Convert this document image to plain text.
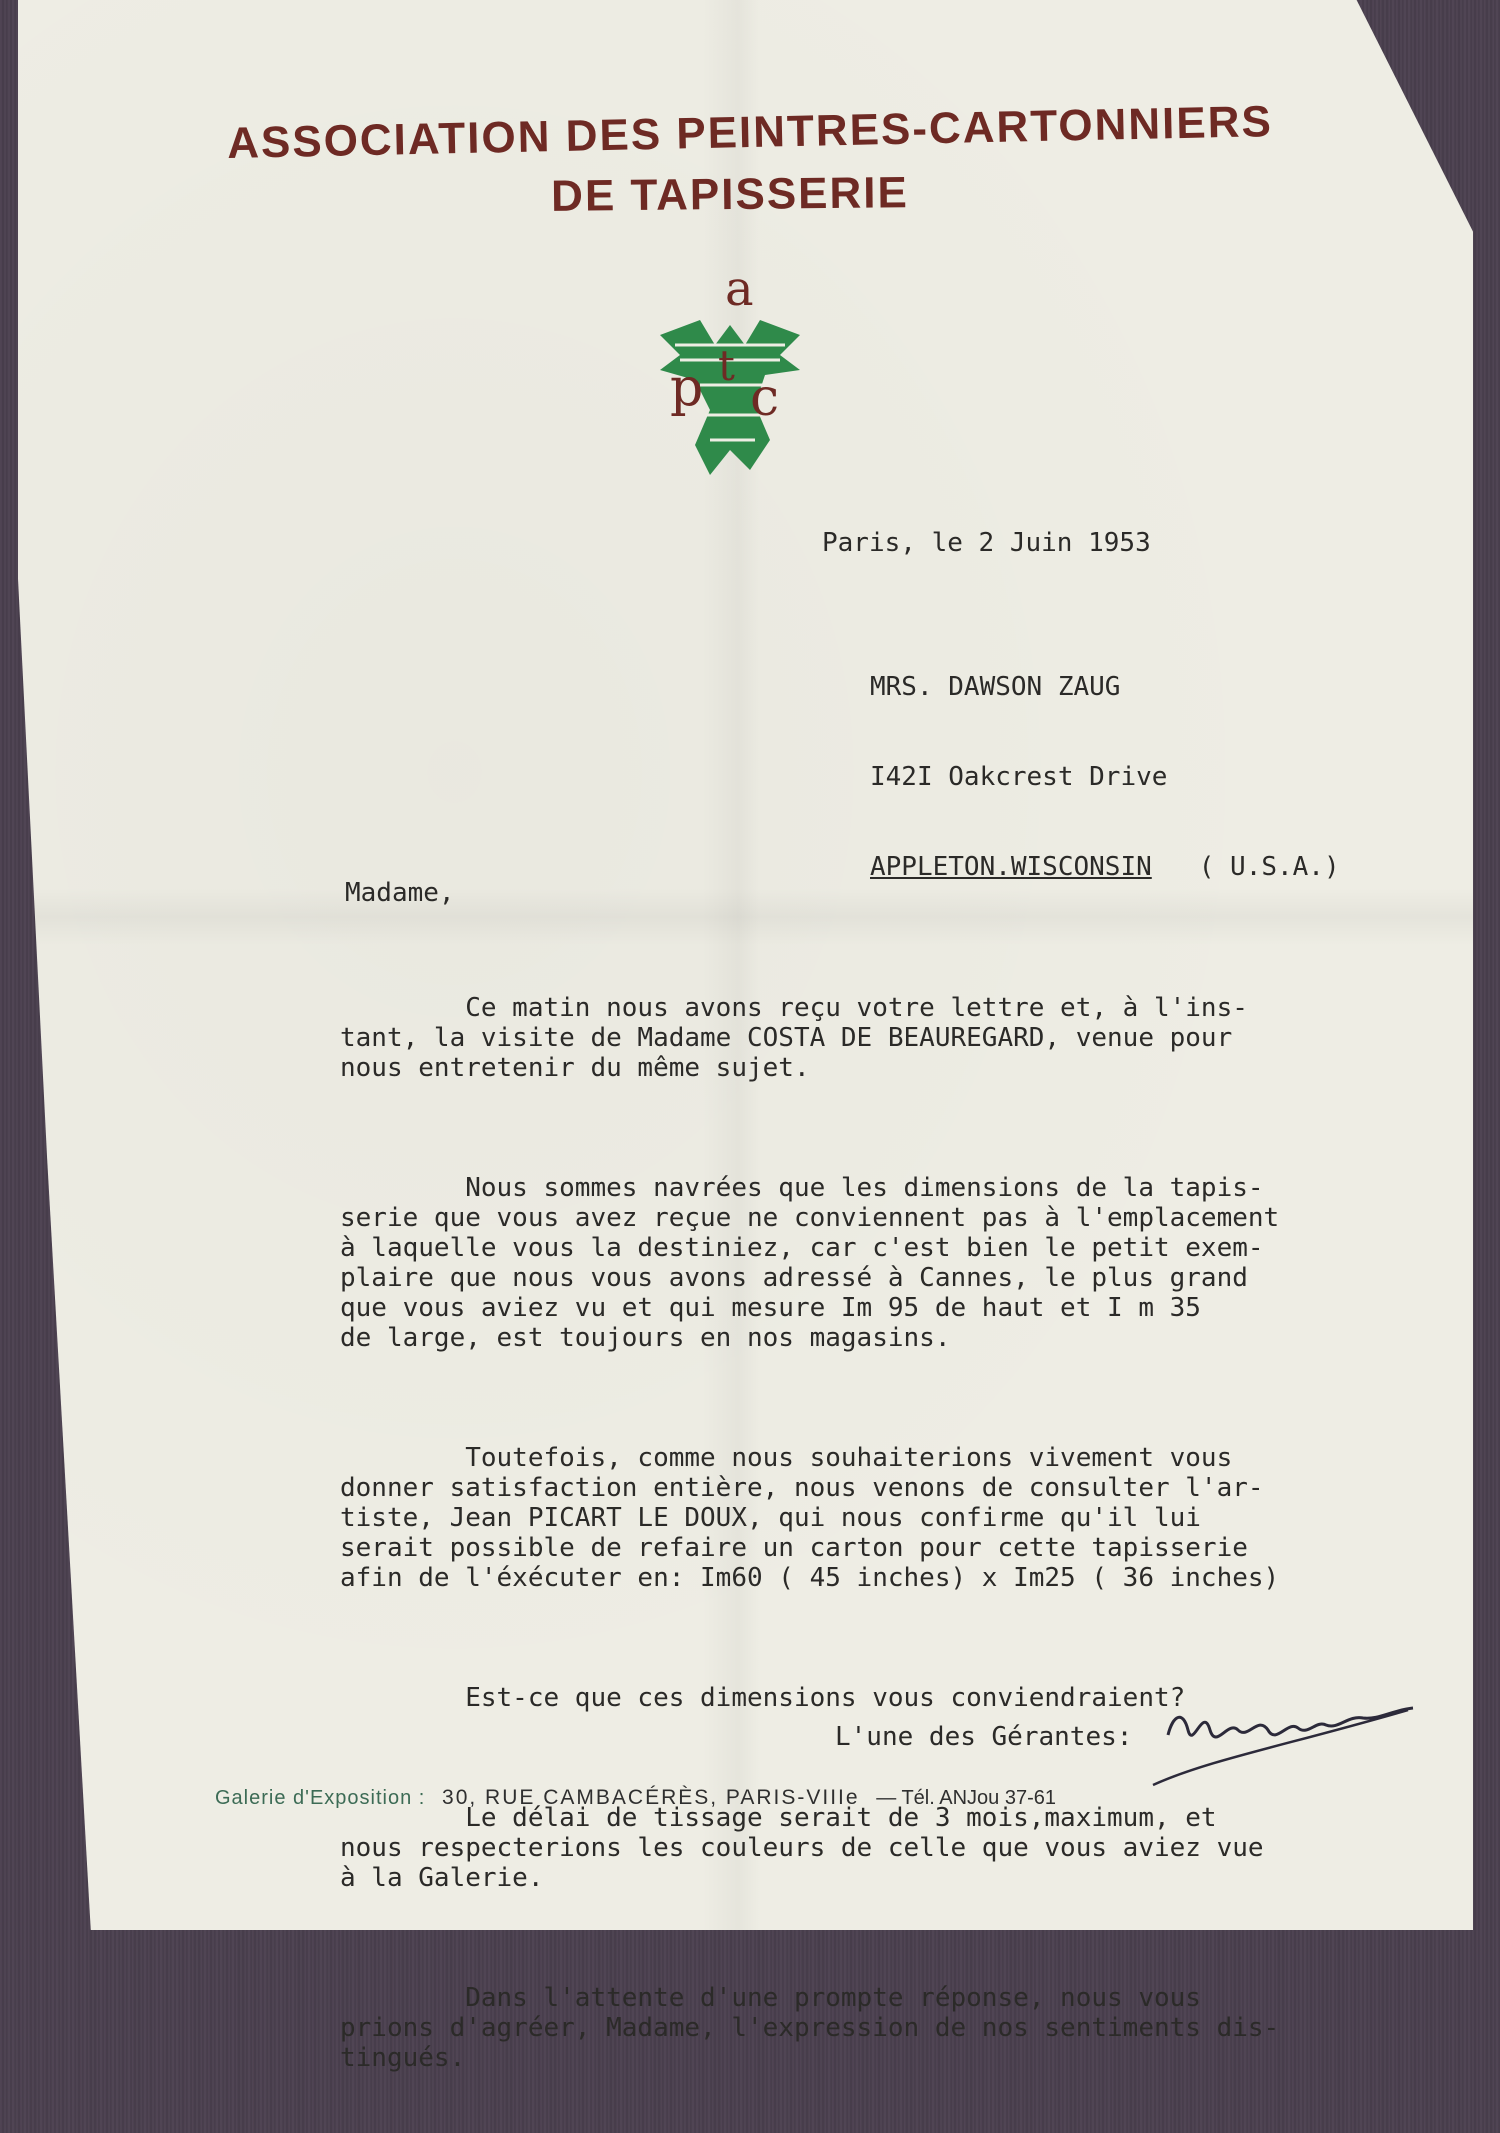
ASSOCIATION DES PEINTRES-CARTONNIERS
DE TAPISSERIE
a
p c
t
Paris, le 2 Juin 1953

MRS. DAWSON ZAUG

I42I Oakcrest Drive

APPLETON.WISCONSIN ( U.S.A.)

Madame,

Ce matin nous avons reçu votre lettre et, à l'ins-
tant, la visite de Madame COSTA DE BEAUREGARD, venue pour
nous entretenir du même sujet.

Nous sommes navrées que les dimensions de la tapis-
serie que vous avez reçue ne conviennent pas à l'emplacement
à laquelle vous la destiniez, car c'est bien le petit exem-
plaire que nous vous avons adressé à Cannes, le plus grand
que vous aviez vu et qui mesure Im 95 de haut et I m 35
de large, est toujours en nos magasins.

Toutefois, comme nous souhaiterions vivement vous
donner satisfaction entière, nous venons de consulter l'ar-
tiste, Jean PICART LE DOUX, qui nous confirme qu'il lui
serait possible de refaire un carton pour cette tapisserie
afin de l'éxécuter en: Im60 ( 45 inches) x Im25 ( 36 inches)

Est-ce que ces dimensions vous conviendraient?

Le délai de tissage serait de 3 mois,maximum, et
nous respecterions les couleurs de celle que vous aviez vue
à la Galerie.

Dans l'attente d'une prompte réponse, nous vous
prions d'agréer, Madame, l'expression de nos sentiments dis-
tingués.

L'une des Gérantes:
Galerie d'Exposition : 30, RUE CAMBACÉRÈS, PARIS-VIIIe — Tél. ANJou 37-61
